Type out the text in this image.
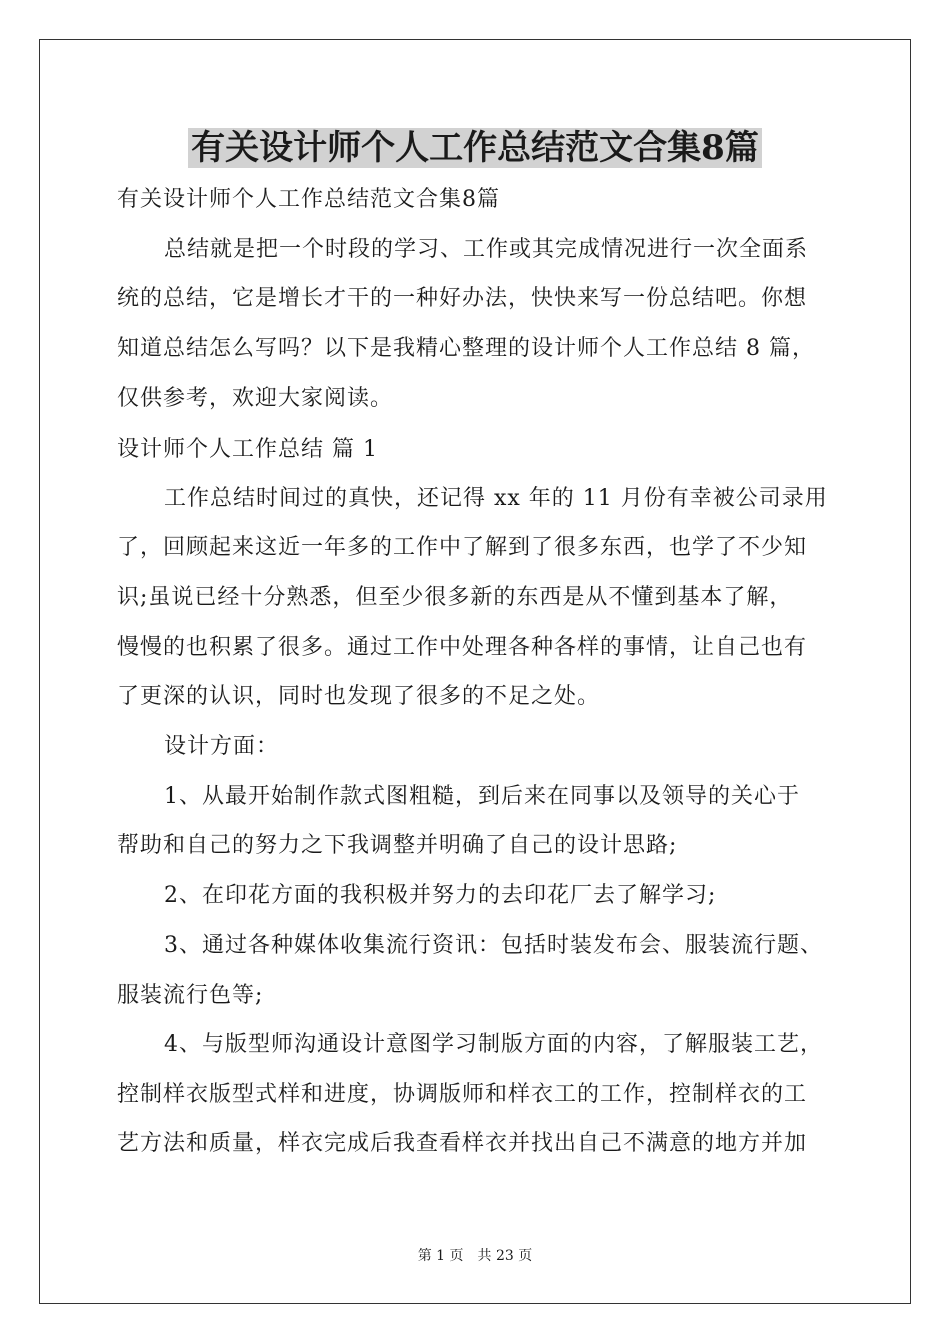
有关设计师个人工作总结范文合集8篇
有关设计师个人工作总结范文合集8篇
总结就是把一个时段的学习、工作或其完成情况进行一次全面系
统的总结，它是增长才干的一种好办法，快快来写一份总结吧。你想
知道总结怎么写吗？以下是我精心整理的设计师个人工作总结 8 篇，
仅供参考，欢迎大家阅读。
设计师个人工作总结 篇 1
工作总结时间过的真快，还记得 xx 年的 11 月份有幸被公司录用
了，回顾起来这近一年多的工作中了解到了很多东西，也学了不少知
识;虽说已经十分熟悉，但至少很多新的东西是从不懂到基本了解，
慢慢的也积累了很多。通过工作中处理各种各样的事情，让自己也有
了更深的认识，同时也发现了很多的不足之处。
设计方面：
1、从最开始制作款式图粗糙，到后来在同事以及领导的关心于
帮助和自己的努力之下我调整并明确了自己的设计思路;
2、在印花方面的我积极并努力的去印花厂去了解学习;
3、通过各种媒体收集流行资讯：包括时装发布会、服装流行题、
服装流行色等;
4、与版型师沟通设计意图学习制版方面的内容，了解服装工艺，
控制样衣版型式样和进度，协调版师和样衣工的工作，控制样衣的工
艺方法和质量，样衣完成后我查看样衣并找出自己不满意的地方并加
第 1 页　共 23 页
